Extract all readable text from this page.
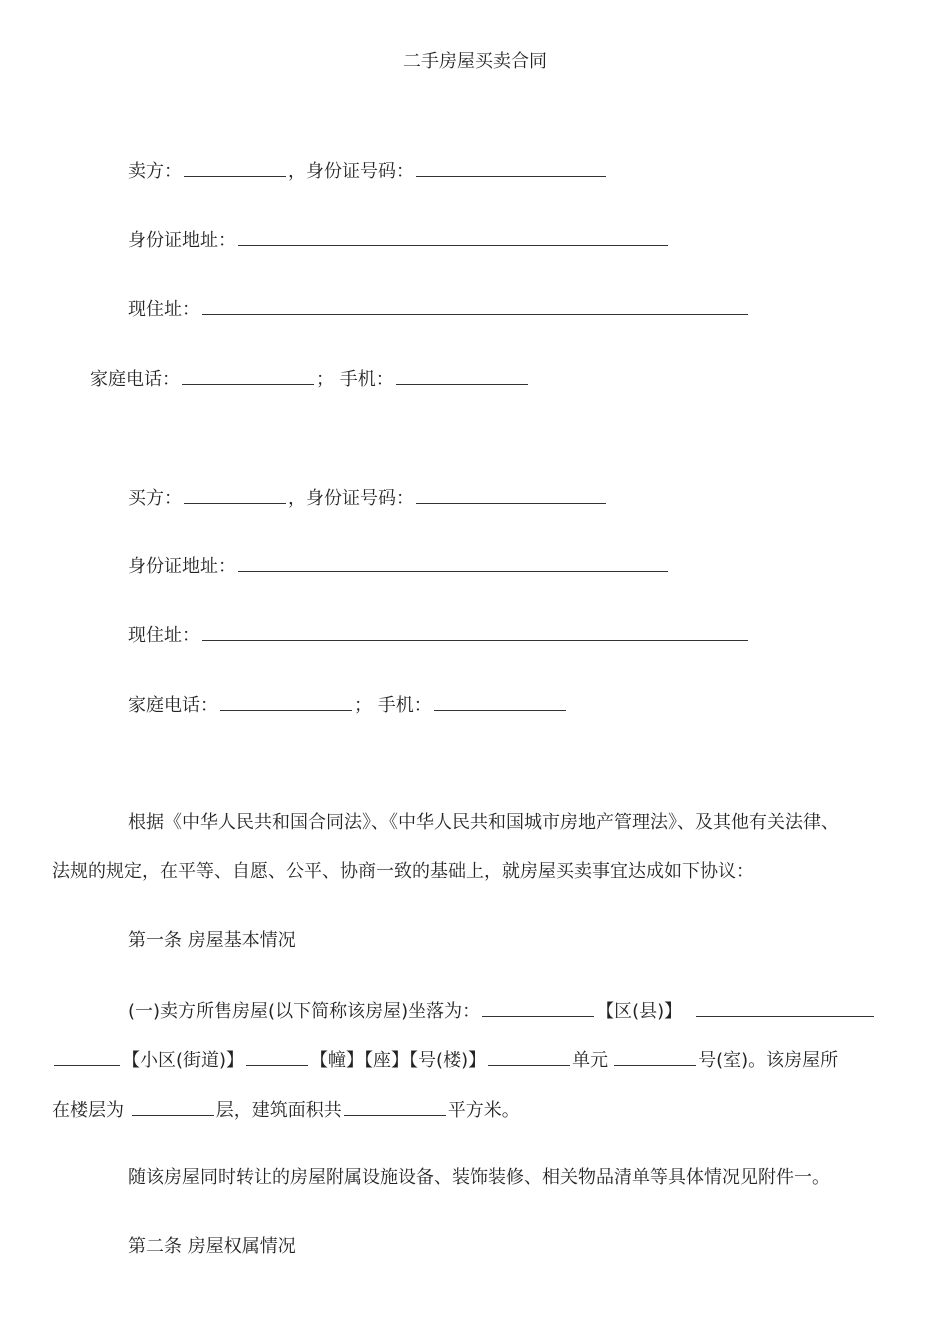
二手房屋买卖合同
卖方：	，身份证号码：
身份证地址：
现住址：
家庭电话：	； 手机：
买方：	，身份证号码：
身份证地址：
现住址：
家庭电话：	； 手机：
根据《中华人民共和国合同法》、《中华人民共和国城市房地产管理法》、及其他有关法律、
法规的规定，在平等、自愿、公平、协商一致的基础上，就房屋买卖事宜达成如下协议：
第一条 房屋基本情况
(一)卖方所售房屋(以下简称该房屋)坐落为：	【区(县)】
【小区(街道)】	【幢】【座】【号(楼)】	单元	号(室)。该房屋所
在楼层为	层，建筑面积共	平方米。
随该房屋同时转让的房屋附属设施设备、装饰装修、相关物品清单等具体情况见附件一。
第二条 房屋权属情况
